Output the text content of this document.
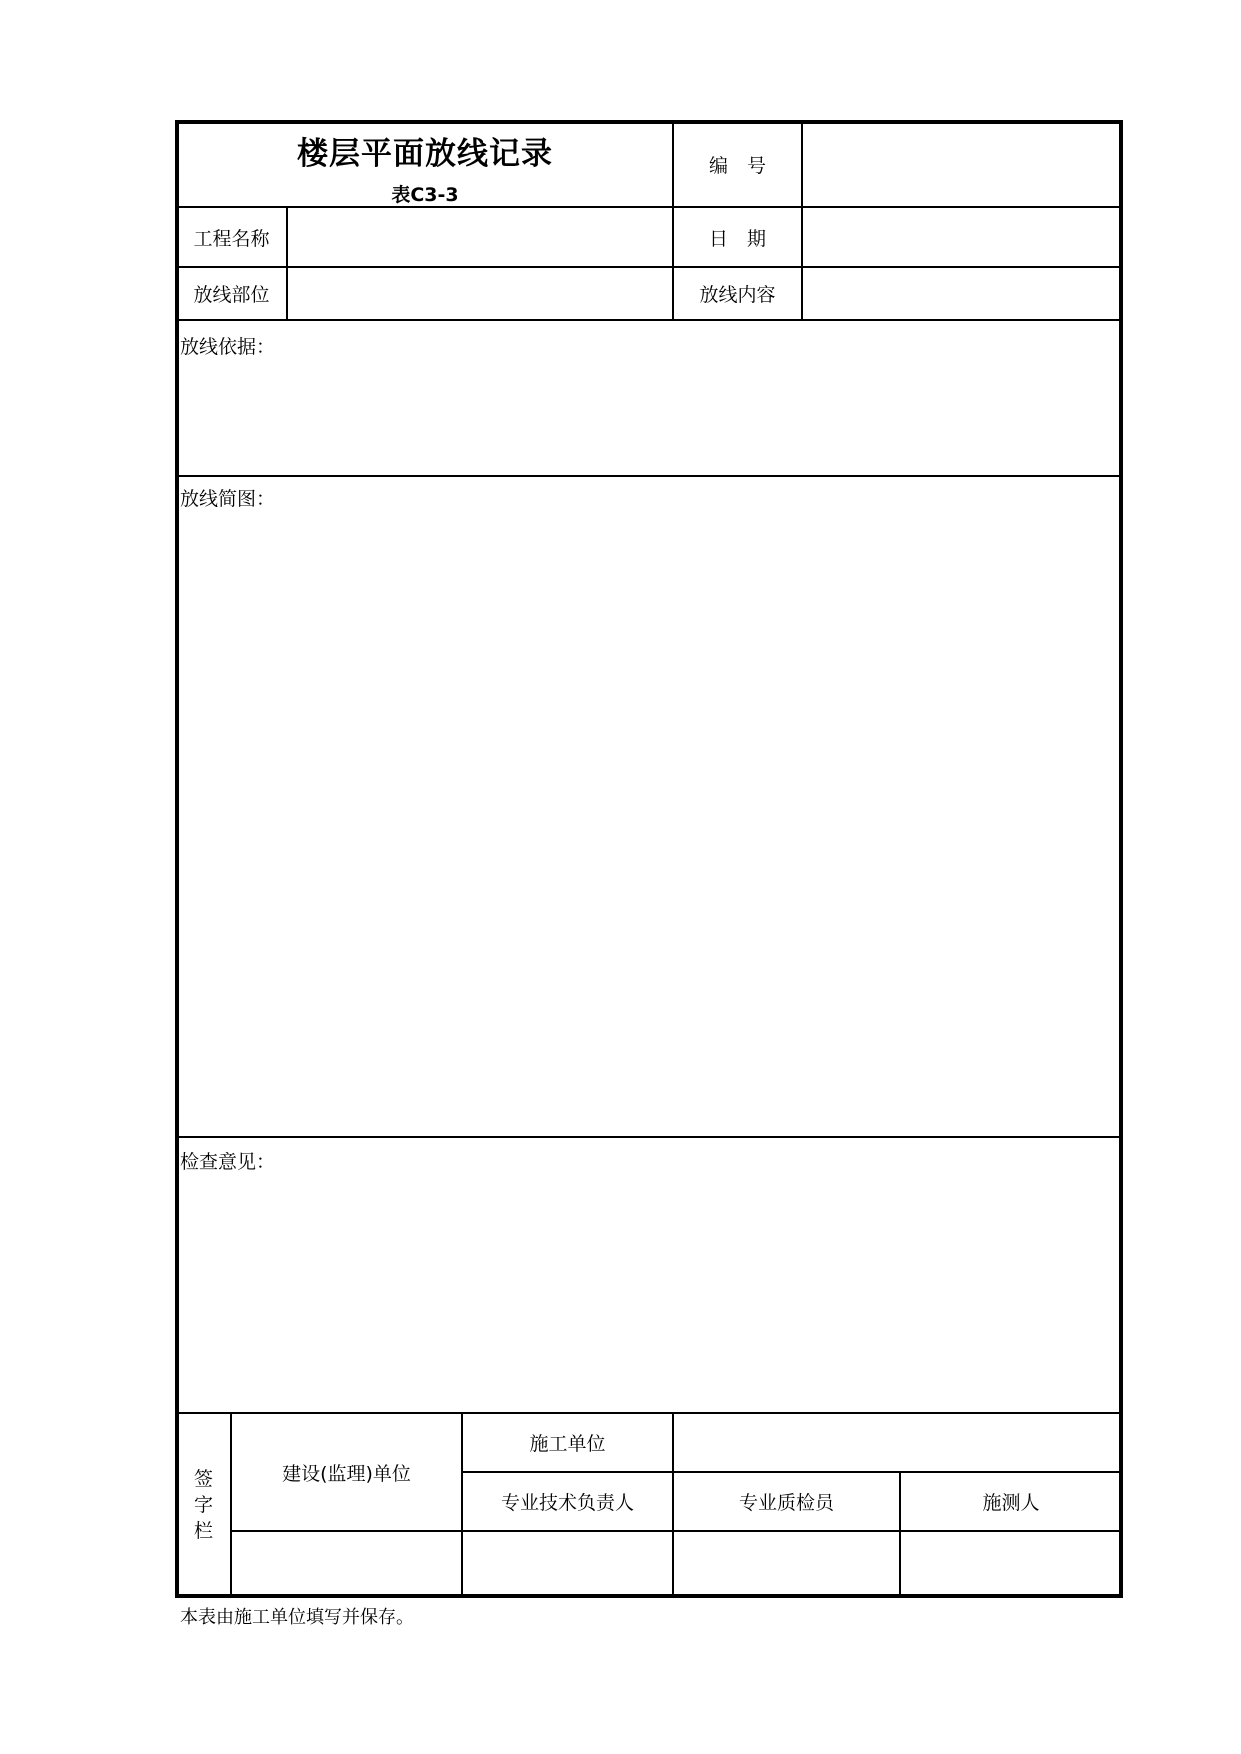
楼层平面放线记录
表C3-3
编　号
工程名称	日　期
放线部位	放线内容
放线依据：
放线简图：
检查意见：
签
字
栏
建设(监理)单位
施工单位
专业技术负责人	专业质检员	施测人
本表由施工单位填写并保存。
